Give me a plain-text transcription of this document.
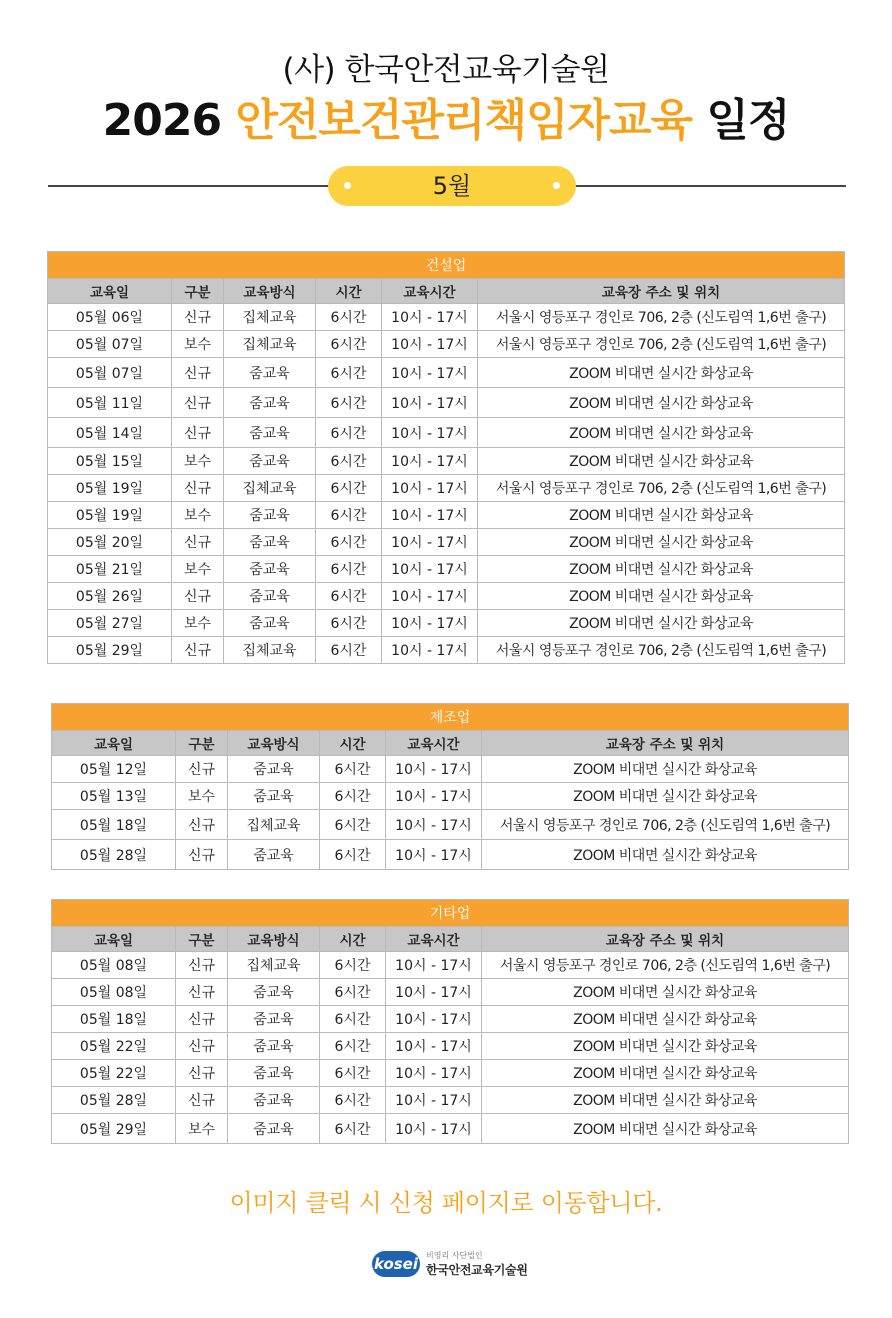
(사) 한국안전교육기술원
2026 안전보건관리책임자교육 일정
5월
건설업					
교육일	구분	교육방식	시간	교육시간	교육장 주소 및 위치
05월 06일	신규	집체교육	6시간	10시 - 17시	서울시 영등포구 경인로 706, 2층 (신도림역 1,6번 출구)
05월 07일	보수	집체교육	6시간	10시 - 17시	서울시 영등포구 경인로 706, 2층 (신도림역 1,6번 출구)
05월 07일	신규	줌교육	6시간	10시 - 17시	ZOOM 비대면 실시간 화상교육
05월 11일	신규	줌교육	6시간	10시 - 17시	ZOOM 비대면 실시간 화상교육
05월 14일	신규	줌교육	6시간	10시 - 17시	ZOOM 비대면 실시간 화상교육
05월 15일	보수	줌교육	6시간	10시 - 17시	ZOOM 비대면 실시간 화상교육
05월 19일	신규	집체교육	6시간	10시 - 17시	서울시 영등포구 경인로 706, 2층 (신도림역 1,6번 출구)
05월 19일	보수	줌교육	6시간	10시 - 17시	ZOOM 비대면 실시간 화상교육
05월 20일	신규	줌교육	6시간	10시 - 17시	ZOOM 비대면 실시간 화상교육
05월 21일	보수	줌교육	6시간	10시 - 17시	ZOOM 비대면 실시간 화상교육
05월 26일	신규	줌교육	6시간	10시 - 17시	ZOOM 비대면 실시간 화상교육
05월 27일	보수	줌교육	6시간	10시 - 17시	ZOOM 비대면 실시간 화상교육
05월 29일	신규	집체교육	6시간	10시 - 17시	서울시 영등포구 경인로 706, 2층 (신도림역 1,6번 출구)
제조업					
교육일	구분	교육방식	시간	교육시간	교육장 주소 및 위치
05월 12일	신규	줌교육	6시간	10시 - 17시	ZOOM 비대면 실시간 화상교육
05월 13일	보수	줌교육	6시간	10시 - 17시	ZOOM 비대면 실시간 화상교육
05월 18일	신규	집체교육	6시간	10시 - 17시	서울시 영등포구 경인로 706, 2층 (신도림역 1,6번 출구)
05월 28일	신규	줌교육	6시간	10시 - 17시	ZOOM 비대면 실시간 화상교육
기타업					
교육일	구분	교육방식	시간	교육시간	교육장 주소 및 위치
05월 08일	신규	집체교육	6시간	10시 - 17시	서울시 영등포구 경인로 706, 2층 (신도림역 1,6번 출구)
05월 08일	신규	줌교육	6시간	10시 - 17시	ZOOM 비대면 실시간 화상교육
05월 18일	신규	줌교육	6시간	10시 - 17시	ZOOM 비대면 실시간 화상교육
05월 22일	신규	줌교육	6시간	10시 - 17시	ZOOM 비대면 실시간 화상교육
05월 22일	신규	줌교육	6시간	10시 - 17시	ZOOM 비대면 실시간 화상교육
05월 28일	신규	줌교육	6시간	10시 - 17시	ZOOM 비대면 실시간 화상교육
05월 29일	보수	줌교육	6시간	10시 - 17시	ZOOM 비대면 실시간 화상교육
이미지 클릭 시 신청 페이지로 이동합니다.
kosei 비영리 사단법인
한국안전교육기술원
